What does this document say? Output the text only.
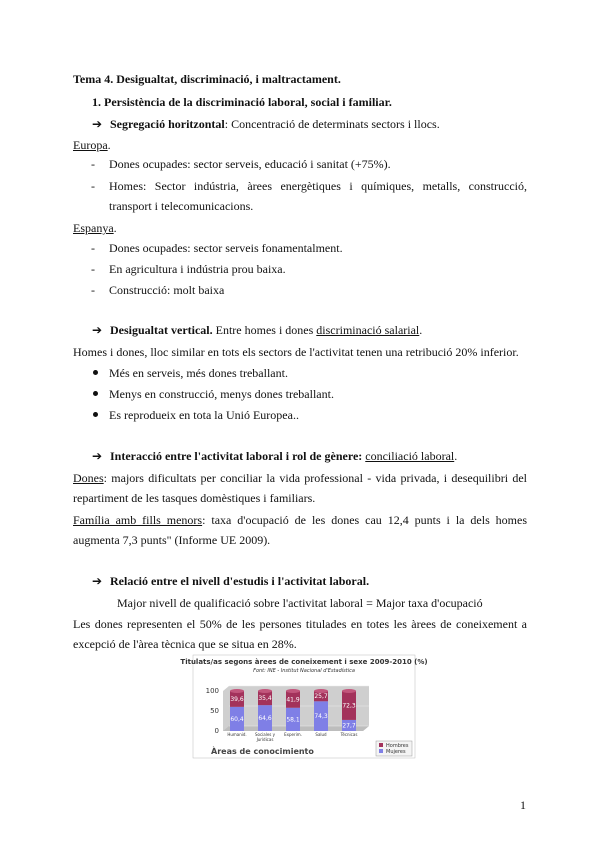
Tema 4. Desigualtat, discriminació, i maltractament.
1. Persistència de la discriminació laboral, social i familiar.
➔ Segregació horitzontal: Concentració de determinats sectors i llocs.
Europa.
- Dones ocupades: sector serveis, educació i sanitat (+75%).
- Homes: Sector indústria, àrees energètiques i químiques, metalls, construcció,
transport i telecomunicacions.
Espanya.
- Dones ocupades: sector serveis fonamentalment.
- En agricultura i indústria prou baixa.
- Construcció: molt baixa
➔ Desigualtat vertical. Entre homes i dones discriminació salarial.
Homes i dones, lloc similar en tots els sectors de l'activitat tenen una retribució 20% inferior.
Més en serveis, més dones treballant.
Menys en construcció, menys dones treballant.
Es reprodueix en tota la Unió Europea..
➔ Interacció entre l'activitat laboral i rol de gènere: conciliació laboral.
Dones: majors dificultats per conciliar la vida professional - vida privada, i desequilibri del
repartiment de les tasques domèstiques i familiars.
Família amb fills menors: taxa d'ocupació de les dones cau 12,4 punts i la dels homes
augmenta 7,3 punts" (Informe UE 2009).
➔ Relació entre el nivell d'estudis i l'activitat laboral.
Major nivell de qualificació sobre l'activitat laboral = Major taxa d'ocupació
Les dones representen el 50% de les persones titulades en totes les àrees de coneixement a
excepció de l'àrea tècnica que se situa en 28%.
Titulats/as segons àrees de coneixement i sexe 2009-2010 (%)
Font: INE - Institut Nacional d'Estadística
100
50
0
60,4
39,6
Humanid.
64,6
35,4
Sociales y
Jurídicas
58,1
41,9
Experim.
74,3
25,7
Salud
27,7
72,3
Técnicas
Àreas de conocimiento
Hombres
Mujeres
1
